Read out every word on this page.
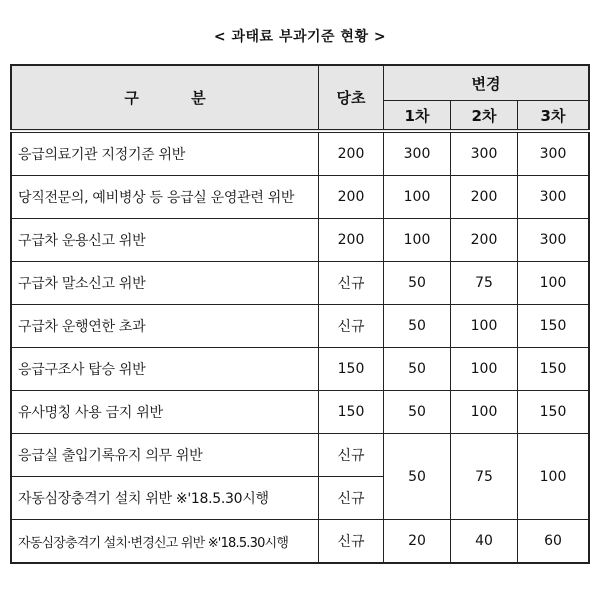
< 과태료 부과기준 현황 >
구          분	당초	변경		
		1차	2차	3차
응급의료기관 지정기준 위반	200	300	300	300
당직전문의, 예비병상 등 응급실 운영관련 위반	200	100	200	300
구급차 운용신고 위반	200	100	200	300
구급차 말소신고 위반	신규	50	75	100
구급차 운행연한 초과	신규	50	100	150
응급구조사 탑승 위반	150	50	100	150
유사명칭 사용 금지 위반	150	50	100	150
응급실 출입기록유지 의무 위반	신규	50	75	100
자동심장충격기 설치 위반 ※'18.5.30시행	신규			
자동심장충격기 설치·변경신고 위반 ※'18.5.30시행	신규	20	40	60
